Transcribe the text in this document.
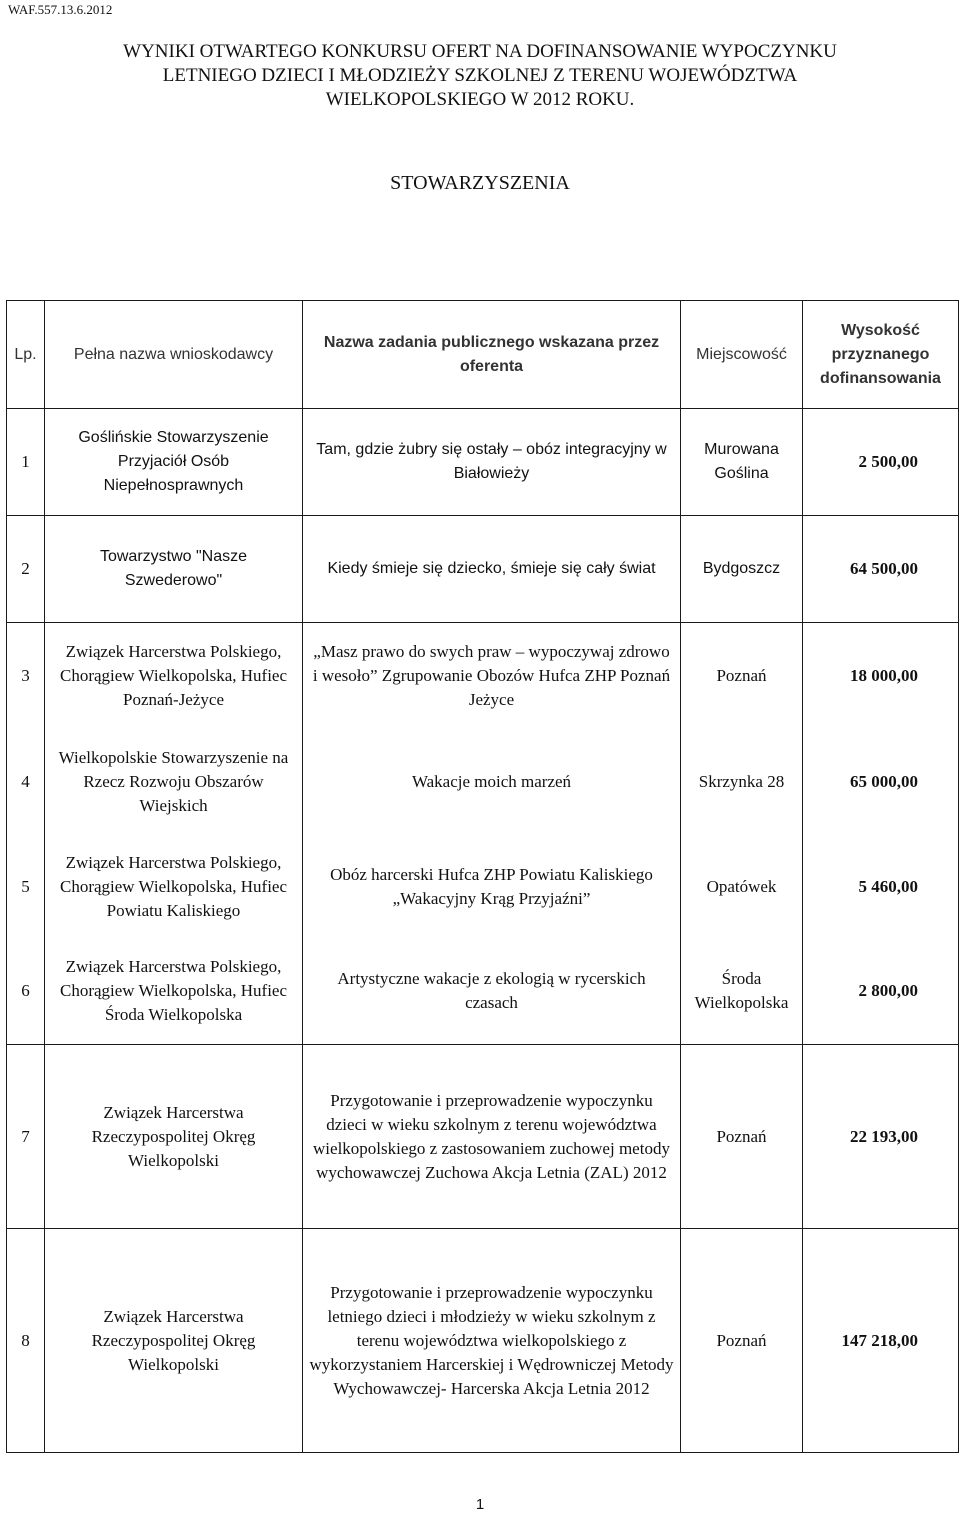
WAF.557.13.6.2012
WYNIKI OTWARTEGO KONKURSU OFERT NA DOFINANSOWANIE WYPOCZYNKU
LETNIEGO DZIECI I MŁODZIEŻY SZKOLNEJ Z TERENU WOJEWÓDZTWA
WIELKOPOLSKIEGO W 2012 ROKU.
STOWARZYSZENIA
Lp.	Pełna nazwa wnioskodawcy	Nazwa zadania publicznego wskazana przez oferenta	Miejscowość	Wysokość przyznanego dofinansowania
1	Goślińskie Stowarzyszenie Przyjaciół Osób Niepełnosprawnych	Tam, gdzie żubry się ostały – obóz integracyjny w Białowieży	Murowana Goślina	2 500,00
2	Towarzystwo "Nasze Szwederowo"	Kiedy śmieje się dziecko, śmieje się cały świat	Bydgoszcz	64 500,00
3	Związek Harcerstwa Polskiego, Chorągiew Wielkopolska, Hufiec Poznań-Jeżyce	„Masz prawo do swych praw – wypoczywaj zdrowo i wesoło” Zgrupowanie Obozów Hufca ZHP Poznań Jeżyce	Poznań	18 000,00
4	Wielkopolskie Stowarzyszenie na Rzecz Rozwoju Obszarów Wiejskich	Wakacje moich marzeń	Skrzynka 28	65 000,00
5	Związek Harcerstwa Polskiego, Chorągiew Wielkopolska, Hufiec Powiatu Kaliskiego	Obóz harcerski Hufca ZHP Powiatu Kaliskiego „Wakacyjny Krąg Przyjaźni”	Opatówek	5 460,00
6	Związek Harcerstwa Polskiego, Chorągiew Wielkopolska, Hufiec Środa Wielkopolska	Artystyczne wakacje z ekologią w rycerskich czasach	Środa Wielkopolska	2 800,00
7	Związek Harcerstwa Rzeczypospolitej Okręg Wielkopolski	Przygotowanie i przeprowadzenie wypoczynku dzieci w wieku szkolnym z terenu województwa wielkopolskiego z zastosowaniem zuchowej metody wychowawczej Zuchowa Akcja Letnia (ZAL) 2012	Poznań	22 193,00
8	Związek Harcerstwa Rzeczypospolitej Okręg Wielkopolski	Przygotowanie i przeprowadzenie wypoczynku letniego dzieci i młodzieży w wieku szkolnym z terenu województwa wielkopolskiego z wykorzystaniem Harcerskiej i Wędrowniczej Metody Wychowawczej- Harcerska Akcja Letnia 2012	Poznań	147 218,00
1
